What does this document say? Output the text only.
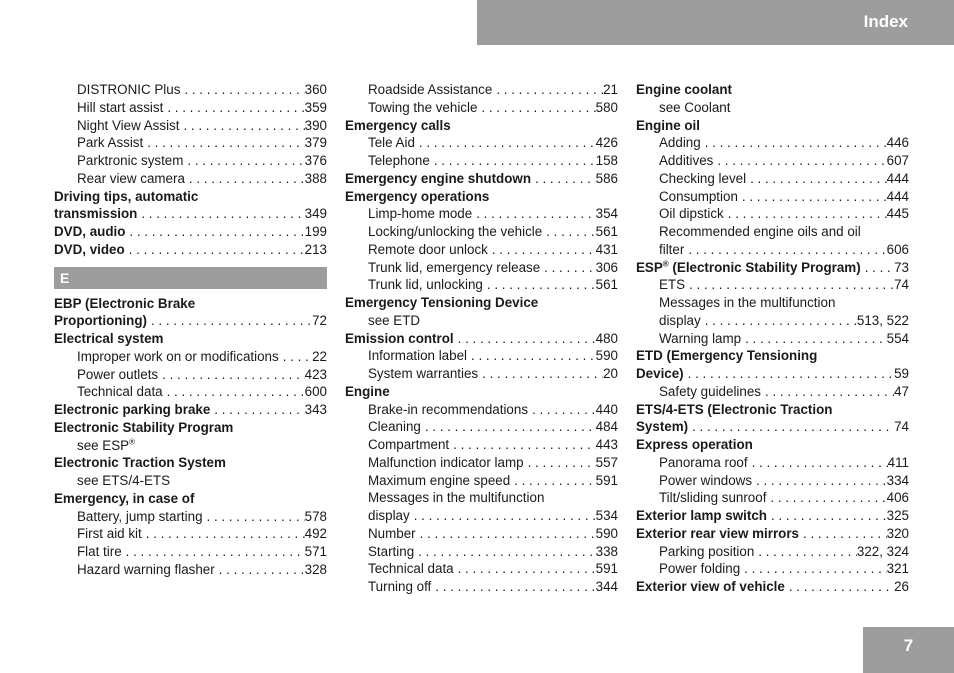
Index
DISTRONIC Plus . . .	360
Hill start assist . . .	359
Night View Assist . . .	390
Park Assist . . .	379
Parktronic system . . .	376
Rear view camera . . .	388
Driving tips, automatic
transmission . . .	349
DVD, audio . . .	199
DVD, video . . .	213
E
EBP (Electronic Brake
Proportioning) . . .	72
Electrical system
Improper work on or modifications . . . 22
Power outlets . . .	423
Technical data . . .	600
Electronic parking brake . . .	343
Electronic Stability Program
see ESP®
Electronic Traction System
see ETS/4-ETS
Emergency, in case of
Battery, jump starting . . .	578
First aid kit . . .	492
Flat tire . . .	571
Hazard warning flasher . . .	328
Roadside Assistance . . .	21
Towing the vehicle . . .	580
Emergency calls
Tele Aid . . .	426
Telephone . . .	158
Emergency engine shutdown . . .	586
Emergency operations
Limp-home mode . . .	354
Locking/unlocking the vehicle . . .	561
Remote door unlock . . .	431
Trunk lid, emergency release . . .	306
Trunk lid, unlocking . . .	561
Emergency Tensioning Device
see ETD
Emission control . . .	480
Information label . . .	590
System warranties . . .	20
Engine
Brake-in recommendations . . .	440
Cleaning . . .	484
Compartment . . .	443
Malfunction indicator lamp . . .	557
Maximum engine speed . . .	591
Messages in the multifunction
display . . .	534
Number . . .	590
Starting . . .	338
Technical data . . .	591
Turning off . . .	344
Engine coolant
see Coolant
Engine oil
Adding . . .	446
Additives . . .	607
Checking level . . .	444
Consumption . . .	444
Oil dipstick . . .	445
Recommended engine oils and oil
filter . . .	606
ESP® (Electronic Stability Program) . . . 73
ETS . . .	74
Messages in the multifunction
display . . .	513, 522
Warning lamp . . .	554
ETD (Emergency Tensioning
Device) . . .	59
Safety guidelines . . .	47
ETS/4-ETS (Electronic Traction
System) . . .	74
Express operation
Panorama roof . . .	411
Power windows . . .	334
Tilt/sliding sunroof . . .	406
Exterior lamp switch . . .	325
Exterior rear view mirrors . . .	320
Parking position . . .	322, 324
Power folding . . .	321
Exterior view of vehicle . . .	26
7
